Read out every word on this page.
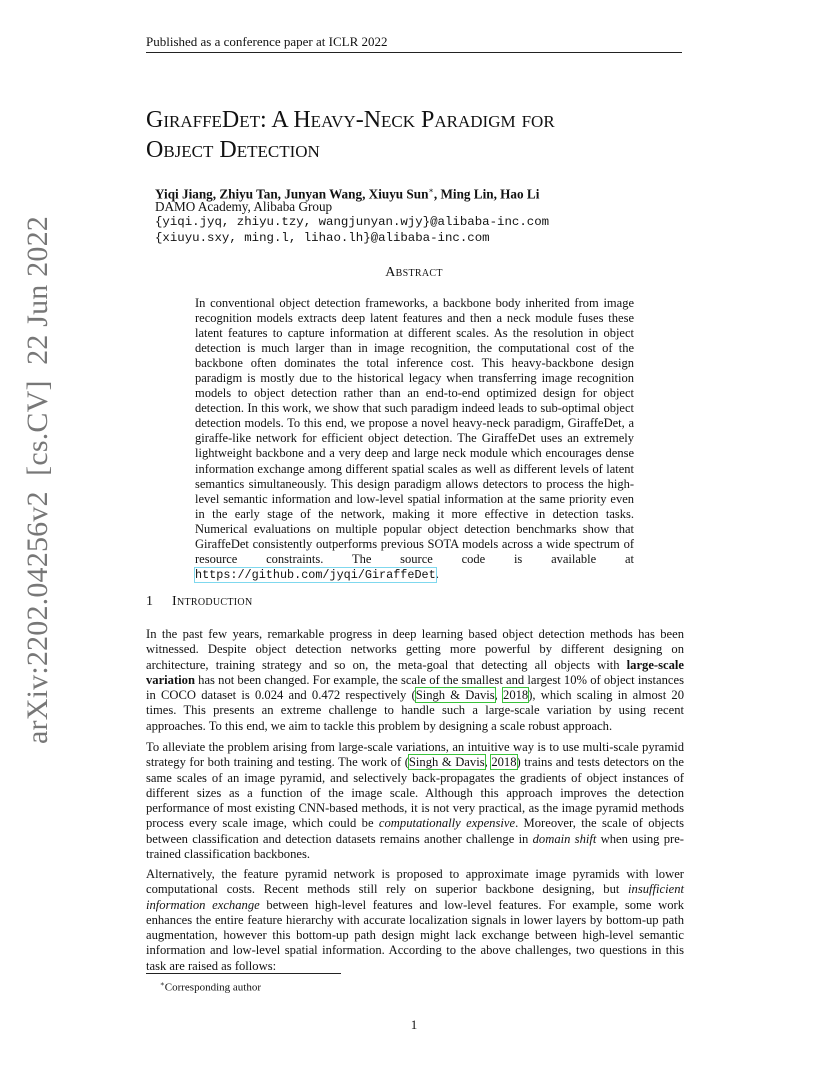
Published as a conference paper at ICLR 2022
arXiv:2202.04256v2  [cs.CV]  22 Jun 2022
GiraffeDet: A Heavy-Neck Paradigm for
Object Detection
Yiqi Jiang, Zhiyu Tan, Junyan Wang, Xiuyu Sun∗, Ming Lin, Hao Li
DAMO Academy, Alibaba Group
{yiqi.jyq, zhiyu.tzy, wangjunyan.wjy}@alibaba-inc.com
{xiuyu.sxy, ming.l, lihao.lh}@alibaba-inc.com
Abstract
In conventional object detection frameworks, a backbone body inherited from image recognition models extracts deep latent features and then a neck module fuses these latent features to capture information at different scales. As the resolution in object detection is much larger than in image recognition, the computational cost of the backbone often dominates the total inference cost. This heavy-backbone design paradigm is mostly due to the historical legacy when transferring image recognition models to object detection rather than an end-to-end optimized design for object detection. In this work, we show that such paradigm indeed leads to sub-optimal object detection models. To this end, we propose a novel heavy-neck paradigm, GiraffeDet, a giraffe-like network for efficient object detection. The GiraffeDet uses an extremely lightweight backbone and a very deep and large neck module which encourages dense information exchange among different spatial scales as well as different levels of latent semantics simultaneously. This design paradigm allows detectors to process the high-level semantic information and low-level spatial information at the same priority even in the early stage of the network, making it more effective in detection tasks. Numerical evaluations on multiple popular object detection benchmarks show that GiraffeDet consistently outperforms previous SOTA models across a wide spectrum of resource constraints. The source code is available at https://github.com/jyqi/GiraffeDet.
1 Introduction
In the past few years, remarkable progress in deep learning based object detection methods has been witnessed. Despite object detection networks getting more powerful by different designing on architecture, training strategy and so on, the meta-goal that detecting all objects with large-scale variation has not been changed. For example, the scale of the smallest and largest 10% of object instances in COCO dataset is 0.024 and 0.472 respectively (Singh & Davis, 2018), which scaling in almost 20 times. This presents an extreme challenge to handle such a large-scale variation by using recent approaches. To this end, we aim to tackle this problem by designing a scale robust approach.
To alleviate the problem arising from large-scale variations, an intuitive way is to use multi-scale pyramid strategy for both training and testing. The work of (Singh & Davis, 2018) trains and tests detectors on the same scales of an image pyramid, and selectively back-propagates the gradients of object instances of different sizes as a function of the image scale. Although this approach improves the detection performance of most existing CNN-based methods, it is not very practical, as the image pyramid methods process every scale image, which could be computationally expensive. Moreover, the scale of objects between classification and detection datasets remains another challenge in domain shift when using pre-trained classification backbones.
Alternatively, the feature pyramid network is proposed to approximate image pyramids with lower computational costs. Recent methods still rely on superior backbone designing, but insufficient information exchange between high-level features and low-level features. For example, some work enhances the entire feature hierarchy with accurate localization signals in lower layers by bottom-up path augmentation, however this bottom-up path design might lack exchange between high-level semantic information and low-level spatial information. According to the above challenges, two questions in this task are raised as follows:
∗Corresponding author
1
